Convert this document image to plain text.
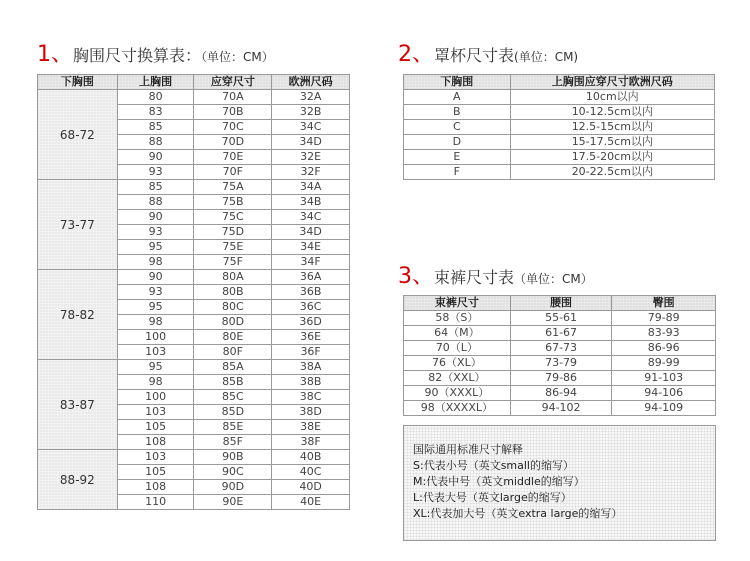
1、胸围尺寸换算表：（单位：CM）
下胸围	上胸围	应穿尺寸	欧洲尺码
68-72	80	70A	32A
	83	70B	32B
	85	70C	34C
	88	70D	34D
	90	70E	32E
	93	70F	32F
73-77	85	75A	34A
	88	75B	34B
	90	75C	34C
	93	75D	34D
	95	75E	34E
	98	75F	34F
78-82	90	80A	36A
	93	80B	36B
	95	80C	36C
	98	80D	36D
	100	80E	36E
	103	80F	36F
83-87	95	85A	38A
	98	85B	38B
	100	85C	38C
	103	85D	38D
	105	85E	38E
	108	85F	38F
88-92	103	90B	40B
	105	90C	40C
	108	90D	40D
	110	90E	40E
2、罩杯尺寸表(单位：CM)
下胸围	上胸围应穿尺寸欧洲尺码
A	10cm以内
B	10-12.5cm以内
C	12.5-15cm以内
D	15-17.5cm以内
E	17.5-20cm以内
F	20-22.5cm以内
3、束裤尺寸表（单位：CM）
束裤尺寸	腰围	臀围
58（S）	55-61	79-89
64（M）	61-67	83-93
70（L）	67-73	86-96
76（XL）	73-79	89-99
82（XXL）	79-86	91-103
90（XXXL）	86-94	94-106
98（XXXXL）	94-102	94-109
国际通用标准尺寸解释
S:代表小号（英文small的缩写）
M:代表中号（英文middle的缩写）
L:代表大号（英文large的缩写）
XL:代表加大号（英文extra large的缩写）
